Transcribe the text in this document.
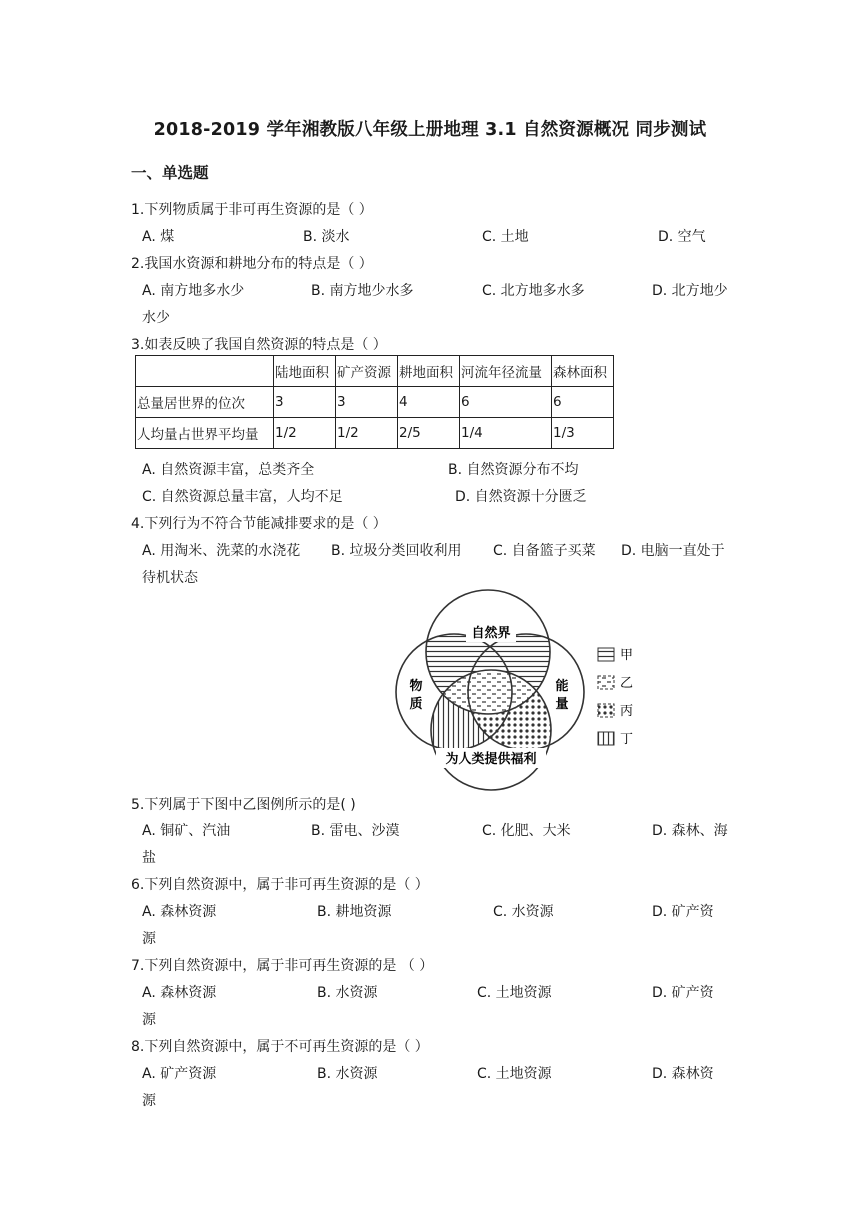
2018-2019 学年湘教版八年级上册地理 3.1 自然资源概况 同步测试
一、单选题
1.下列物质属于非可再生资源的是（ ）
A. 煤	B. 淡水	C. 土地	D. 空气
2.我国水资源和耕地分布的特点是（ ）
A. 南方地多水少	B. 南方地少水多	C. 北方地多水多	D. 北方地少
水少
3.如表反映了我国自然资源的特点是（ ）
	陆地面积	矿产资源	耕地面积	河流年径流量	森林面积
总量居世界的位次	3	3	4	6	6
人均量占世界平均量	1/2	1/2	2/5	1/4	1/3
A. 自然资源丰富，总类齐全	B. 自然资源分布不均
C. 自然资源总量丰富，人均不足	D. 自然资源十分匮乏
4.下列行为不符合节能减排要求的是（ ）
A. 用淘米、洗菜的水浇花 B. 垃圾分类回收利用 C. 自备篮子买菜 D. 电脑一直处于
待机状态
自然界
物
质
能
量
为人类提供福利
甲
乙
丙
丁
5.下列属于下图中乙图例所示的是( )
A. 铜矿、汽油	B. 雷电、沙漠	C. 化肥、大米	D. 森林、海
盐
6.下列自然资源中，属于非可再生资源的是（ ）
A. 森林资源	B. 耕地资源	C. 水资源	D. 矿产资
源
7.下列自然资源中，属于非可再生资源的是 （ ）
A. 森林资源	B. 水资源	C. 土地资源	D. 矿产资
源
8.下列自然资源中，属于不可再生资源的是（ ）
A. 矿产资源	B. 水资源	C. 土地资源	D. 森林资
源
